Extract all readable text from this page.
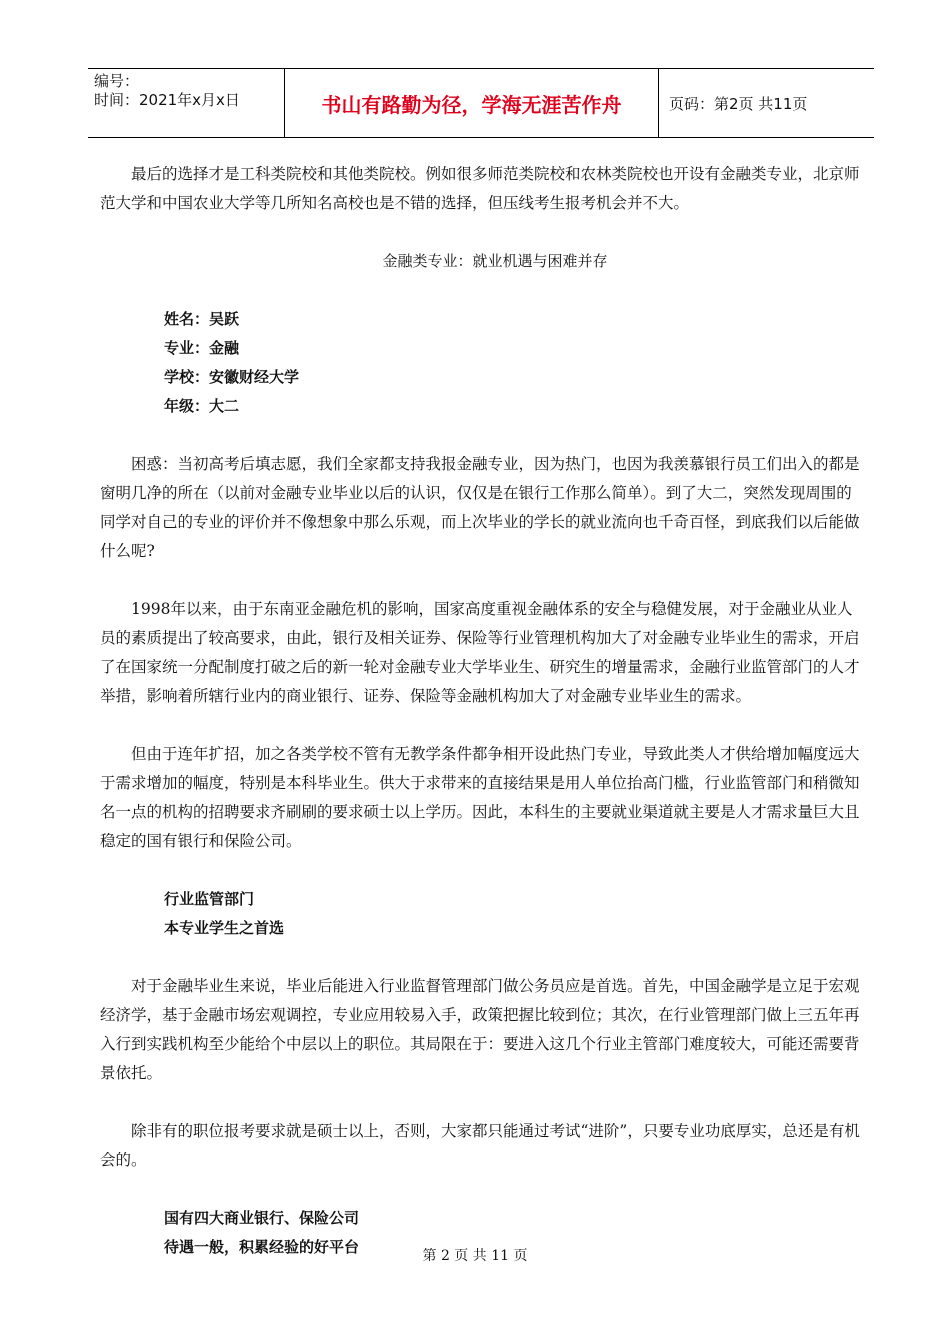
编号：
时间：2021年x月x日	书山有路勤为径，学海无涯苦作舟	页码：第2页 共11页

最后的选择才是工科类院校和其他类院校。例如很多师范类院校和农林类院校也开设有金融类专业，北京师范大学和中国农业大学等几所知名高校也是不错的选择，但压线考生报考机会并不大。

金融类专业：就业机遇与困难并存

姓名：吴跃

专业：金融

学校：安徽财经大学

年级：大二

困惑：当初高考后填志愿，我们全家都支持我报金融专业，因为热门，也因为我羡慕银行员工们出入的都是窗明几净的所在（以前对金融专业毕业以后的认识，仅仅是在银行工作那么简单）。到了大二，突然发现周围的同学对自己的专业的评价并不像想象中那么乐观，而上次毕业的学长的就业流向也千奇百怪，到底我们以后能做什么呢?

1998年以来，由于东南亚金融危机的影响，国家高度重视金融体系的安全与稳健发展，对于金融业从业人员的素质提出了较高要求，由此，银行及相关证券、保险等行业管理机构加大了对金融专业毕业生的需求，开启了在国家统一分配制度打破之后的新一轮对金融专业大学毕业生、研究生的增量需求，金融行业监管部门的人才举措，影响着所辖行业内的商业银行、证券、保险等金融机构加大了对金融专业毕业生的需求。

但由于连年扩招，加之各类学校不管有无教学条件都争相开设此热门专业，导致此类人才供给增加幅度远大于需求增加的幅度，特别是本科毕业生。供大于求带来的直接结果是用人单位抬高门槛，行业监管部门和稍微知名一点的机构的招聘要求齐刷刷的要求硕士以上学历。因此，本科生的主要就业渠道就主要是人才需求量巨大且稳定的国有银行和保险公司。

行业监管部门

本专业学生之首选

对于金融毕业生来说，毕业后能进入行业监督管理部门做公务员应是首选。首先，中国金融学是立足于宏观经济学，基于金融市场宏观调控，专业应用较易入手，政策把握比较到位；其次，在行业管理部门做上三五年再入行到实践机构至少能给个中层以上的职位。其局限在于：要进入这几个行业主管部门难度较大，可能还需要背景依托。

除非有的职位报考要求就是硕士以上，否则，大家都只能通过考试“进阶”，只要专业功底厚实，总还是有机会的。

国有四大商业银行、保险公司

待遇一般，积累经验的好平台	第 2 页 共 11 页
